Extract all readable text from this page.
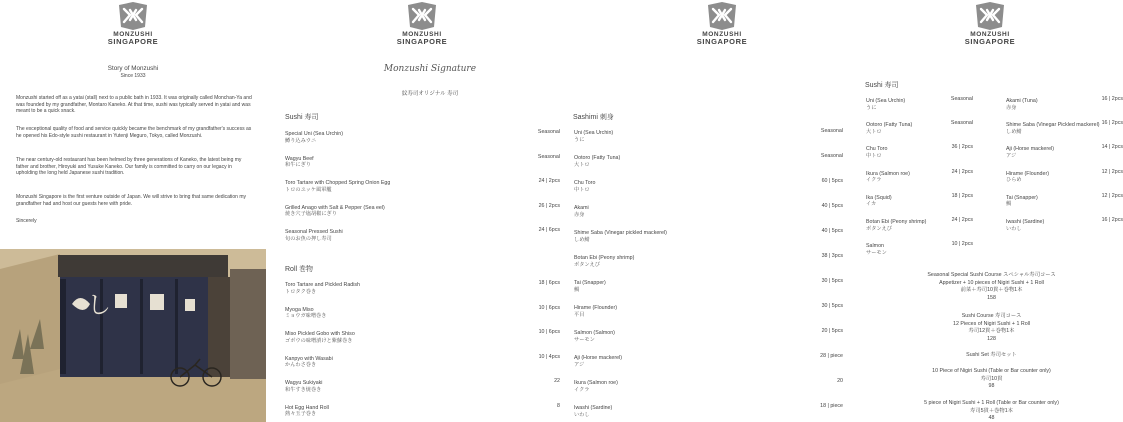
MONZUSHI
SINGAPORE
Story of Monzushi
Since 1933
Monzushi started off as a yatai (stall) next to a public bath in 1933. It was originally called Monchan-Ya and was founded by my grandfather, Montaro Kaneko. At that time, sushi was typically served in yatai and was meant to be a quick snack.
The exceptional quality of food and service quickly became the benchmark of my grandfather's success as he opened his Edo-style sushi restaurant in Yutenji Meguro, Tokyo, called Monzushi.
The near century-old restaurant has been helmed by three generations of Kaneko, the latest being my father and brother, Hiroyuki and Yusuke Kaneko. Our family is committed to carry on our legacy in upholding the long held Japanese sushi tradition.
Monzushi Singapore is the first venture outside of Japan. We will strive to bring that same dedication my grandfather had and host our guests here with pride.
Sincerely
し
MONZUSHI
SINGAPORE
Monzushi Signature
紋寿司オリジナル 寿司
Sushi 寿司
Special Uni (Sea Urchin)
鱒り込みウニ
Seasonal
Wagyu Beef
和牛にぎり
Seasonal
Toro Tartare with Chopped Spring Onion Egg
トロのユッケ風軍艦
24 | 2pcs
Grilled Anago with Salt & Pepper (Sea eel)
焼き穴子塩胡椒にぎり
26 | 2pcs
Seasonal Pressed Sushi
旬のお魚の押し寿司
24 | 6pcs
Roll 巻物
Toro Tartare and Pickled Radish
トロタク巻き
18 | 6pcs
Myoga Miso
ミョウガ味噌巻き
10 | 6pcs
Miso Pickled Gobo with Shiso
ゴボウの味噌漬けと紫蘇巻き
10 | 6pcs
Kanpyo with Wasabi
かんわさ巻き
10 | 4pcs
Wagyu Sukiyaki
和牛すき焼巻き
22
Hot Egg Hand Roll
熱々玉子巻き
8
MONZUSHI
SINGAPORE
Sashimi 刺身
Uni (Sea Urchin)
うに
Seasonal
Ootoro (Fatty Tuna)
大トロ
Seasonal
Chu Toro
中トロ
60 | 5pcs
Akami
赤身
40 | 5pcs
Shime Saba (Vinegar pickled mackerel)
しめ鯖
40 | 5pcs
Botan Ebi (Peony shrimp)
ボタンえび
38 | 3pcs
Tai (Snapper)
鯛
30 | 5pcs
Hirame (Flounder)
平目
30 | 5pcs
Salmon (Salmon)
サーモン
20 | 5pcs
Aji (Horse mackerel)
アジ
28 | piece
Ikura (Salmon roe)
イクラ
20
Iwashi (Sardine)
いわし
18 | piece
MONZUSHI
SINGAPORE
Sushi 寿司
Uni (Sea Urchin)
うに
Seasonal
Ootoro (Fatty Tuna)
大トロ
Seasonal
Chu Toro
中トロ
36 | 2pcs
Ikura (Salmon roe)
イクラ
24 | 2pcs
Ika (Squid)
イカ
18 | 2pcs
Botan Ebi (Peony shrimp)
ボタンえび
24 | 2pcs
Salmon
サーモン
10 | 2pcs
Akami (Tuna)
赤身
16 | 2pcs
Shime Saba (Vinegar Pickled mackerel)
しめ鯖
16 | 2pcs
Aji (Horse mackerel)
アジ
14 | 2pcs
Hirame (Flounder)
ひらめ
12 | 2pcs
Tai (Snapper)
鯛
12 | 2pcs
Iwashi (Sardine)
いわし
16 | 2pcs
Seasonal Special Sushi Course スペシャル寿司コース
Appetizer + 10 pieces of Nigiri Sushi + 1 Roll
前菜＋寿司10貫＋巻物1本
158
Sushi Course 寿司コース
12 Pieces of Nigiri Sushi + 1 Roll
寿司12貫＋巻物1本
128
Sushi Set 寿司セット
10 Piece of Nigiri Sushi (Table or Bar counter only)
寿司10貫
98
5 piece of Nigiri Sushi + 1 Roll (Table or Bar counter only)
寿司5貫＋巻物1本
48
